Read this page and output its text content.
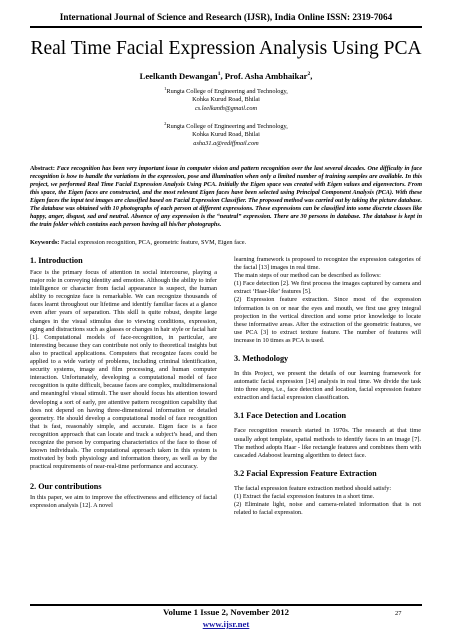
International Journal of Science and Research (IJSR), India Online ISSN: 2319-7064
Real Time Facial Expression Analysis Using PCA
Leelkanth Dewangan$^1$, Prof. Asha Ambhaikar$^2$,
$^1$Rungta College of Engineering and Technology,
Kohka Kurud Road, Bhilai
cs.leelkanth@gmail.com
$^2$Rungta College of Engineering and Technology,
Kohka Kurud Road, Bhilai
asha31.a@rediffmail.com
Abstract: Face recognition has been very important issue in computer vision and pattern recognition over the last several decades. One difficulty in face recognition is how to handle the variations in the expression, pose and illumination when only a limited number of training samples are available. In this project, we performed Real Time Facial Expression Analysis Using PCA. Initially the Eigen space was created with Eigen values and eigenvectors. From this space, the Eigen faces are constructed, and the most relevant Eigen faces have been selected using Principal Component Analysis (PCA). With these Eigen faces the input test images are classified based on Facial Expression Classifier. The proposed method was carried out by taking the picture database. The database was obtained with 10 photographs of each person at different expressions. These expressions can be classified into some discrete classes like happy, anger, disgust, sad and neutral. Absence of any expression is the “neutral” expression. There are 30 persons in database. The database is kept in the train folder which contains each person having all his/her photographs.
Keywords: Facial expression recognition, PCA, geometric feature, SVM, Eigen face.
1. Introduction

Face is the primary focus of attention in social intercourse, playing a major role in conveying identity and emotion. Although the ability to infer intelligence or character from facial appearance is suspect, the human ability to recognize face is remarkable. We can recognize thousands of faces learnt throughout our lifetime and identify familiar faces at a glance even after years of separation. This skill is quite robust, despite large changes in the visual stimulus due to viewing conditions, expression, aging and distractions such as glasses or changes in hair style or facial hair [1]. Computational models of face-recognition, in particular, are interesting because they can contribute not only to theoretical insights but also to practical applications. Computers that recognize faces could be applied to a wide variety of problems, including criminal identification, security systems, image and film processing, and human computer interaction. Unfortunately, developing a computational model of face recognition is quite difficult, because faces are complex, multidimensional and meaningful visual stimuli. The user should focus his attention toward developing a sort of early, pre attentive pattern recognition capability that does not depend on having three-dimensional information or detailed geometry. He should develop a computational model of face recognition that is fast, reasonably simple, and accurate. Eigen face is a face recognition approach that can locate and track a subject’s head, and then recognize the person by comparing characteristics of the face to those of known individuals. The computational approach taken in this system is motivated by both physiology and information theory, as well as by the practical requirements of near-real-time performance and accuracy.

2. Our contributions

In this paper, we aim to improve the effectiveness and efficiency of facial expression analysis [12]. A novel

learning framework is proposed to recognize the expression categories of the facial [13] images in real time.

The main steps of our method can be described as follows:

(1) Face detection [2]. We first process the images captured by camera and extract ‘Haar-like’ features [5].

(2) Expression feature extraction. Since most of the expression information is on or near the eyes and mouth, we first use grey integral projection in the vertical direction and some prior knowledge to locate these informative areas. After the extraction of the geometric features, we use PCA [3] to extract texture feature. The number of features will increase in 10 times as PCA is used.

3. Methodology

In this Project, we present the details of our learning framework for automatic facial expression [14] analysis in real time. We divide the task into three steps, i.e., face detection and location, facial expression feature extraction and facial expression classification.

3.1 Face Detection and Location

Face recognition research started in 1970s. The research at that time usually adopt template, spatial methods to identify faces in an image [7]. The method adopts Haar - like rectangle features and combines them with cascaded Adaboost learning algorithm to detect face.

3.2 Facial Expression Feature Extraction

The facial expression feature extraction method should satisfy:

(1) Extract the facial expression features in a short time.

(2) Eliminate light, noise and camera-related information that is not related to facial expression.

Volume 1 Issue 2, November 2012
www.ijsr.net
27
